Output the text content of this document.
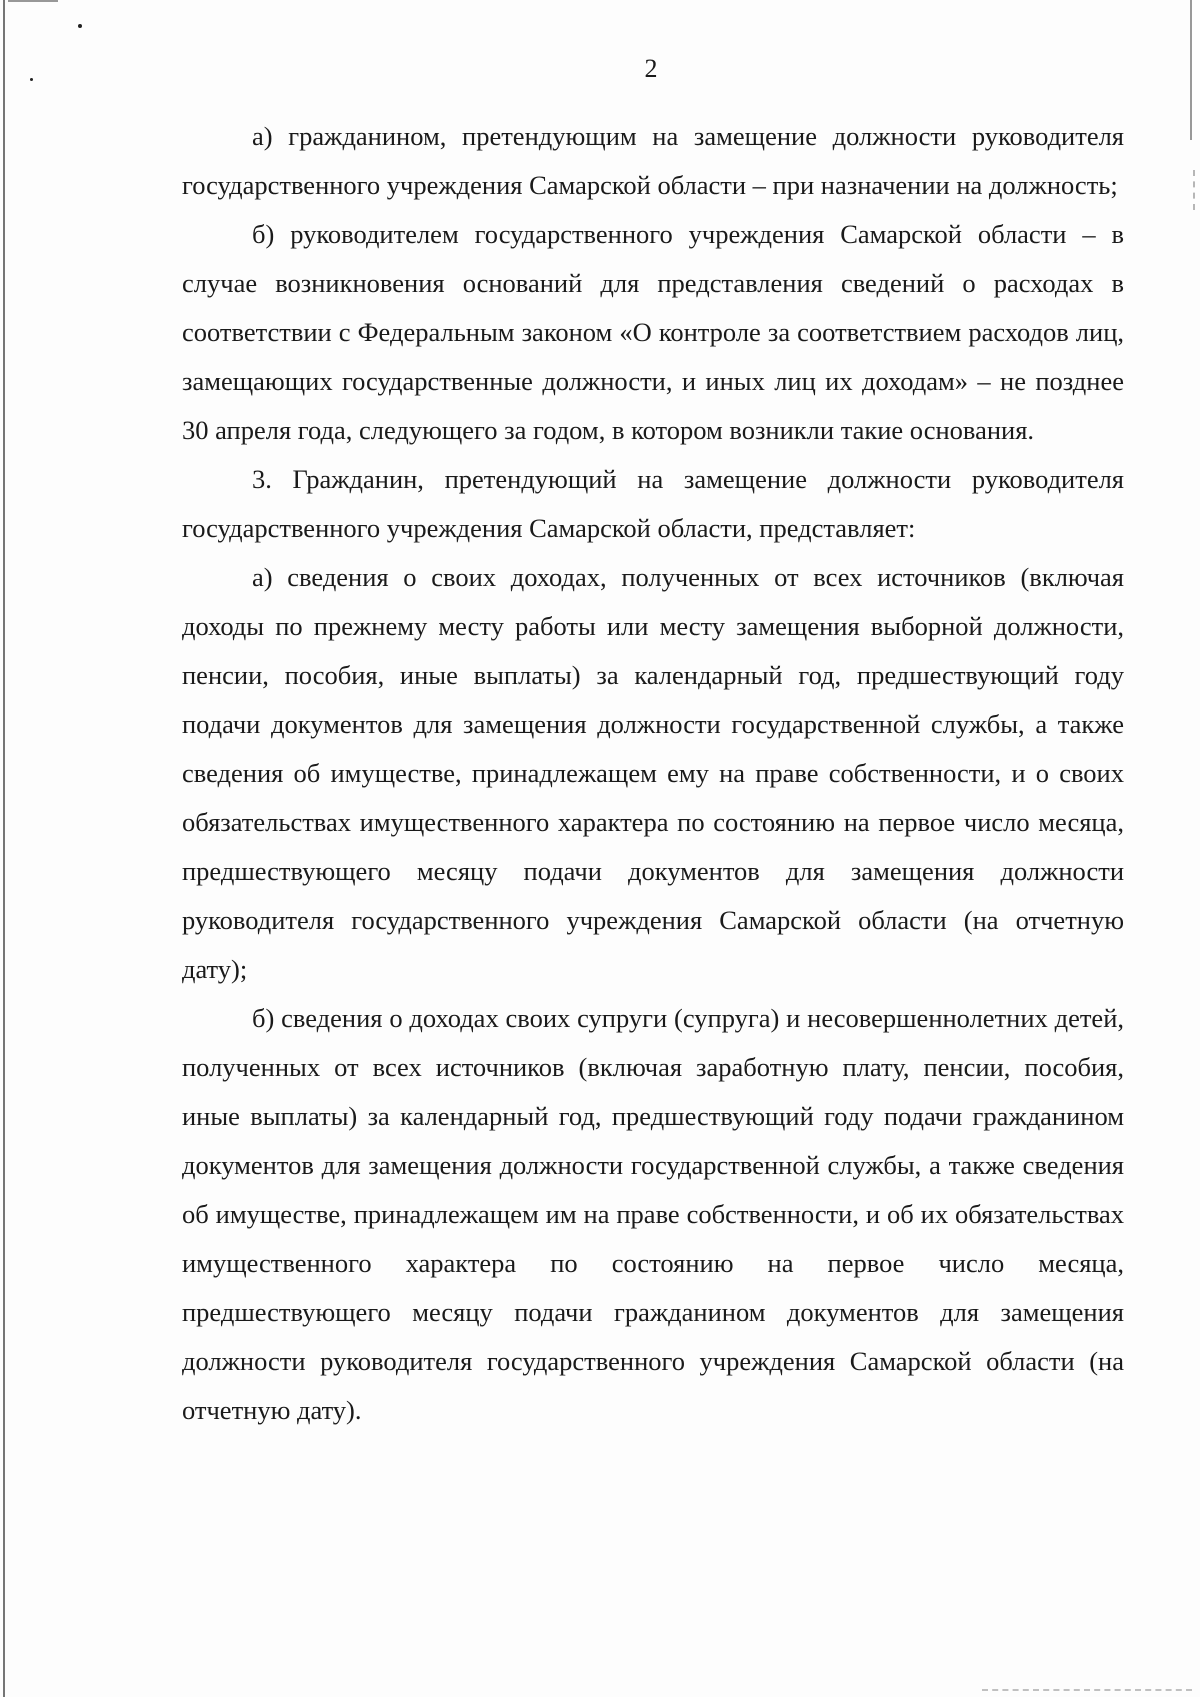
2

а) гражданином, претендующим на замещение должности руководителя государственного учреждения Самарской области – при назначении на должность;

б) руководителем государственного учреждения Самарской области – в случае возникновения оснований для представления сведений о расходах в соответствии с Федеральным законом «О контроле за соответствием расходов лиц, замещающих государственные должности, и иных лиц их доходам» – не позднее 30 апреля года, следующего за годом, в котором возникли такие основания.

3. Гражданин, претендующий на замещение должности руководителя государственного учреждения Самарской области, представляет:

а) сведения о своих доходах, полученных от всех источников (включая доходы по прежнему месту работы или месту замещения выборной должности, пенсии, пособия, иные выплаты) за календарный год, предшествующий году подачи документов для замещения должности государственной службы, а также сведения об имуществе, принадлежащем ему на праве собственности, и о своих обязательствах имущественного характера по состоянию на первое число месяца, предшествующего месяцу подачи документов для замещения должности руководителя государственного учреждения Самарской области (на отчетную дату);

б) сведения о доходах своих супруги (супруга) и несовершеннолетних детей, полученных от всех источников (включая заработную плату, пенсии, пособия, иные выплаты) за календарный год, предшествующий году подачи гражданином документов для замещения должности государственной службы, а также сведения об имуществе, принадлежащем им на праве собственности, и об их обязательствах имущественного характера по состоянию на первое число месяца, предшествующего месяцу подачи гражданином документов для замещения должности руководителя государственного учреждения Самарской области (на отчетную дату).
